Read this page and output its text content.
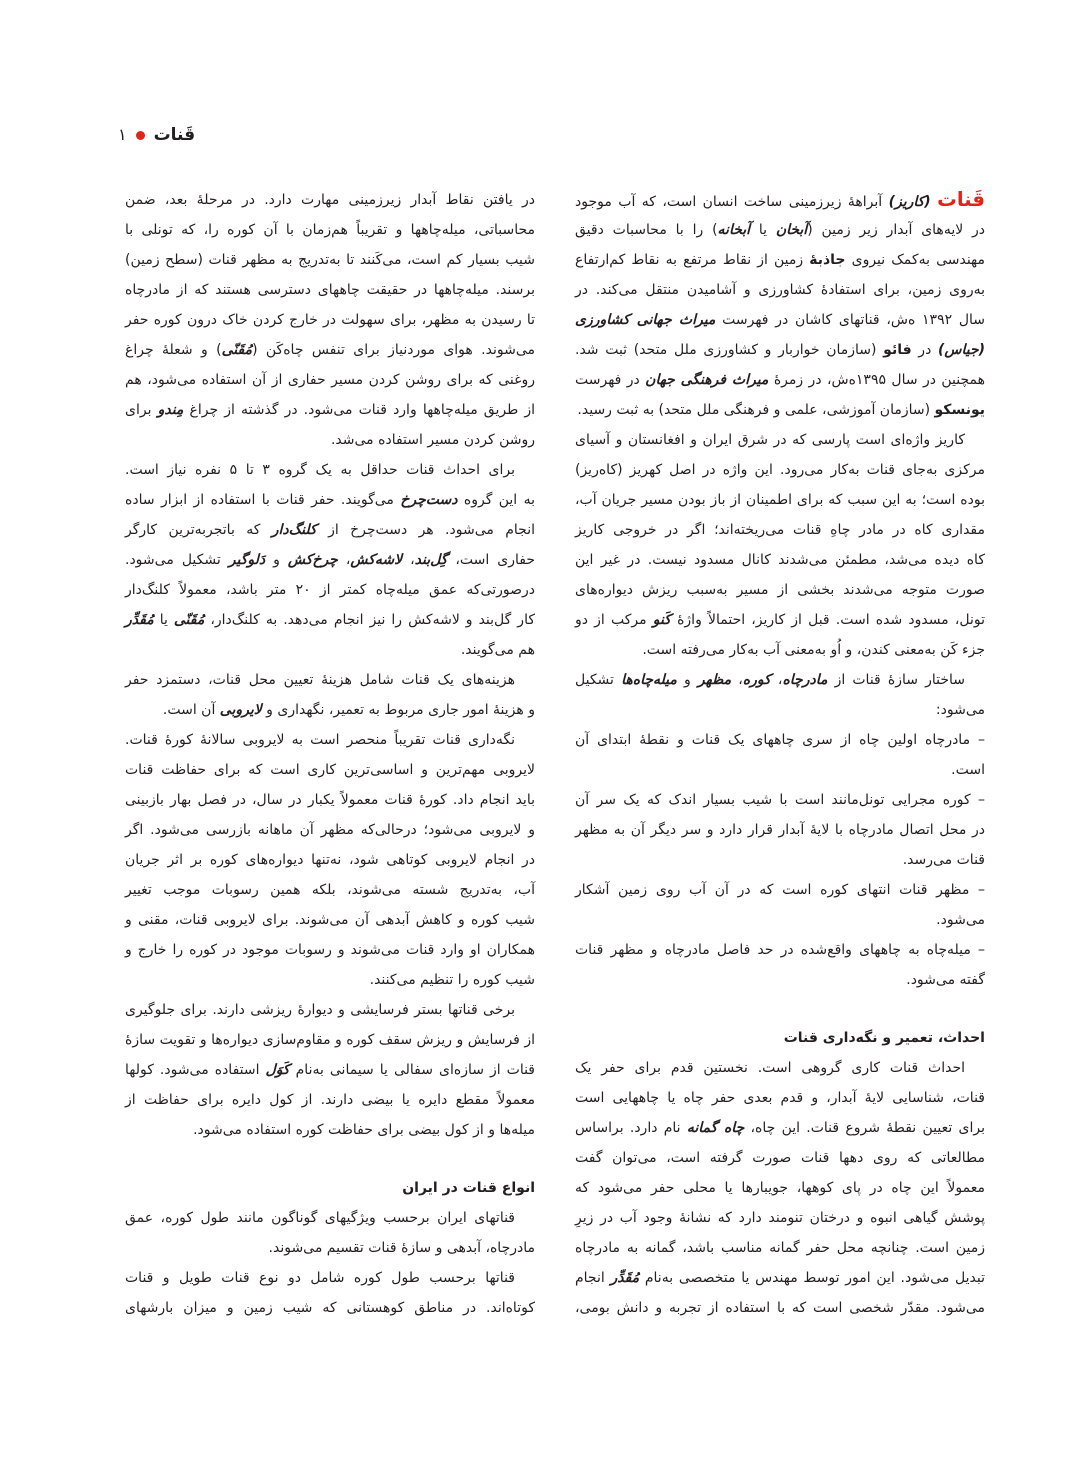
قَنات
۱
قَنات (کاریز) آبراهۀ زیرزمینی ساخت انسان است، که آب موجود
در لایه‌های آبدار زیر زمین (آبخان یا آبخانه) را با محاسبات دقیق
مهندسی به‌کمک نیروی جاذبۀ زمین از نقاط مرتفع به نقاط کم‌ارتفاع
به‌روی زمین، برای استفادۀ کشاورزی و آشامیدن منتقل می‌کند. در
سال ۱۳۹۲ ه‌ش، قناتهای کاشان در فهرست میراث جهانی کشاورزی
(جیاس) در فائو (سازمان خواربار و کشاورزی ملل متحد) ثبت شد.
همچنین در سال ۱۳۹۵ه‌ش، در زمرۀ میراث فرهنگی جهان در فهرست
یونسکو (سازمان آموزشی، علمی و فرهنگی ملل متحد) به ثبت رسید.
کاریز واژه‌ای است پارسی که در شرق ایران و افغانستان و آسیای
مرکزی به‌جای قنات به‌کار می‌رود. این واژه در اصل کهریز (کاه‌ریز)
بوده است؛ به این سبب که برای اطمینان از باز بودن مسیر جریان آب،
مقداری کاه در مادر چاهِ قنات می‌ریخته‌اند؛ اگر در خروجی کاریز
کاه دیده می‌شد، مطمئن می‌شدند کانال مسدود نیست. در غیر این
صورت متوجه می‌شدند بخشی از مسیر به‌سبب ریزش دیواره‌های
تونل، مسدود شده است. قبل از کاریز، احتمالاً واژۀ کَنو مرکب از دو
جزء کَن به‌معنی کندن، و اُو به‌معنی آب به‌کار می‌رفته است.
ساختار سازۀ قنات از مادرچاه، کوره، مظهر و میله‌چاه‌ها تشکیل
می‌شود:
– مادرچاه اولین چاه از سری چاههای یک قنات و نقطۀ ابتدای آن
است.
– کوره مجرایی تونل‌مانند است با شیب بسیار اندک که یک سر آن
در محل اتصال مادرچاه با لایۀ آبدار قرار دارد و سر دیگر آن به مظهر
قنات می‌رسد.
– مظهر قنات انتهای کوره است که در آن آب روی زمین آشکار
می‌شود.
– میله‌چاه به چاههای واقع‌شده در حد فاصل مادرچاه و مظهر قنات
گفته می‌شود.
احداث، تعمیر و نگه‌داری قنات
احداث قنات کاری گروهی است. نخستین قدم برای حفر یک
قنات، شناسایی لایۀ آبدار، و قدم بعدی حفر چاه یا چاههایی است
برای تعیین نقطۀ شروع قنات. این چاه، چاه گمانه نام دارد. براساس
مطالعاتی که روی دهها قنات صورت گرفته است، می‌توان گفت
معمولاً این چاه در پای کوهها، جویبارها یا محلی حفر می‌شود که
پوشش گیاهی انبوه و درختان تنومند دارد که نشانۀ وجود آب در زیرِ
زمین است. چنانچه محل حفر گمانه مناسب باشد، گمانه به مادرچاه
تبدیل می‌شود. این امور توسط مهندس یا متخصصی به‌نام مُقَدِّر انجام
می‌شود. مقدّر شخصی است که با استفاده از تجربه و دانش بومی،
در یافتن نقاط آبدار زیرزمینی مهارت دارد. در مرحلۀ بعد، ضمن
محاسباتی، میله‌چاهها و تقریباً هم‌زمان با آن کوره را، که تونلی با
شیب بسیار کم است، می‌کَنند تا به‌تدریج به مظهر قنات (سطح زمین)
برسند. میله‌چاهها در حقیقت چاههای دسترسی هستند که از مادرچاه
تا رسیدن به مظهر، برای سهولت در خارج کردن خاک درون کوره حفر
می‌شوند. هوای موردنیاز برای تنفس چاه‌کَن (مُقَنّی) و شعلۀ چراغ
روغنی که برای روشن کردن مسیر حفاری از آن استفاده می‌شود، هم
از طریق میله‌چاهها وارد قنات می‌شود. در گذشته از چراغ مِندو برای
روشن کردن مسیر استفاده می‌شد.
برای احداث قنات حداقل به یک گروه ۳ تا ۵ نفره نیاز است.
به این گروه دست‌چرخ می‌گویند. حفر قنات با استفاده از ابزار ساده
انجام می‌شود. هر دست‌چرخ از کلنگ‌دار که باتجربه‌ترین کارگر
حفاری است، گِل‌بند، لاشه‌کش، چرخ‌کش و دَلوگیر تشکیل می‌شود.
درصورتی‌که عمق میله‌چاه کمتر از ۲۰ متر باشد، معمولاً کلنگ‌دار
کار گل‌بند و لاشه‌کش را نیز انجام می‌دهد. به کلنگ‌دار، مُقَنّی یا مُقَدِّر
هم می‌گویند.
هزینه‌های یک قنات شامل هزینۀ تعیین محل قنات، دستمزد حفر
و هزینۀ امور جاری مربوط به تعمیر، نگهداری و لایروبی آن است.
نگه‌داری قنات تقریباً منحصر است به لایروبی سالانۀ کورۀ قنات.
لایروبی مهم‌ترین و اساسی‌ترین کاری است که برای حفاظت قنات
باید انجام داد. کورۀ قنات معمولاً یکبار در سال، در فصل بهار بازبینی
و لایروبی می‌شود؛ درحالی‌که مظهر آن ماهانه بازرسی می‌شود. اگر
در انجام لایروبی کوتاهی شود، نه‌تنها دیواره‌های کوره بر اثر جریان
آب، به‌تدریج شسته می‌شوند، بلکه همین رسوبات موجب تغییر
شیب کوره و کاهش آبدهی آن می‌شوند. برای لایروبی قنات، مقنی و
همکاران او وارد قنات می‌شوند و رسوبات موجود در کوره را خارج و
شیب کوره را تنظیم می‌کنند.
برخی قناتها بستر فرسایشی و دیوارۀ ریزشی دارند. برای جلوگیری
از فرسایش و ریزش سقف کوره و مقاوم‌سازی دیواره‌ها و تقویت سازۀ
قنات از سازه‌ای سفالی یا سیمانی به‌نام کَوَل استفاده می‌شود. کولها
معمولاً مقطع دایره یا بیضی دارند. از کول دایره برای حفاظت از
میله‌ها و از کول بیضی برای حفاظت کوره استفاده می‌شود.
انواع قنات در ایران
قناتهای ایران برحسب ویژگیهای گوناگون مانند طول کوره، عمق
مادرچاه، آبدهی و سازۀ قنات تقسیم می‌شوند.
قناتها برحسب طول کوره شامل دو نوع قنات طویل و قنات
کوتاه‌اند. در مناطق کوهستانی که شیب زمین و میزان بارشهای
